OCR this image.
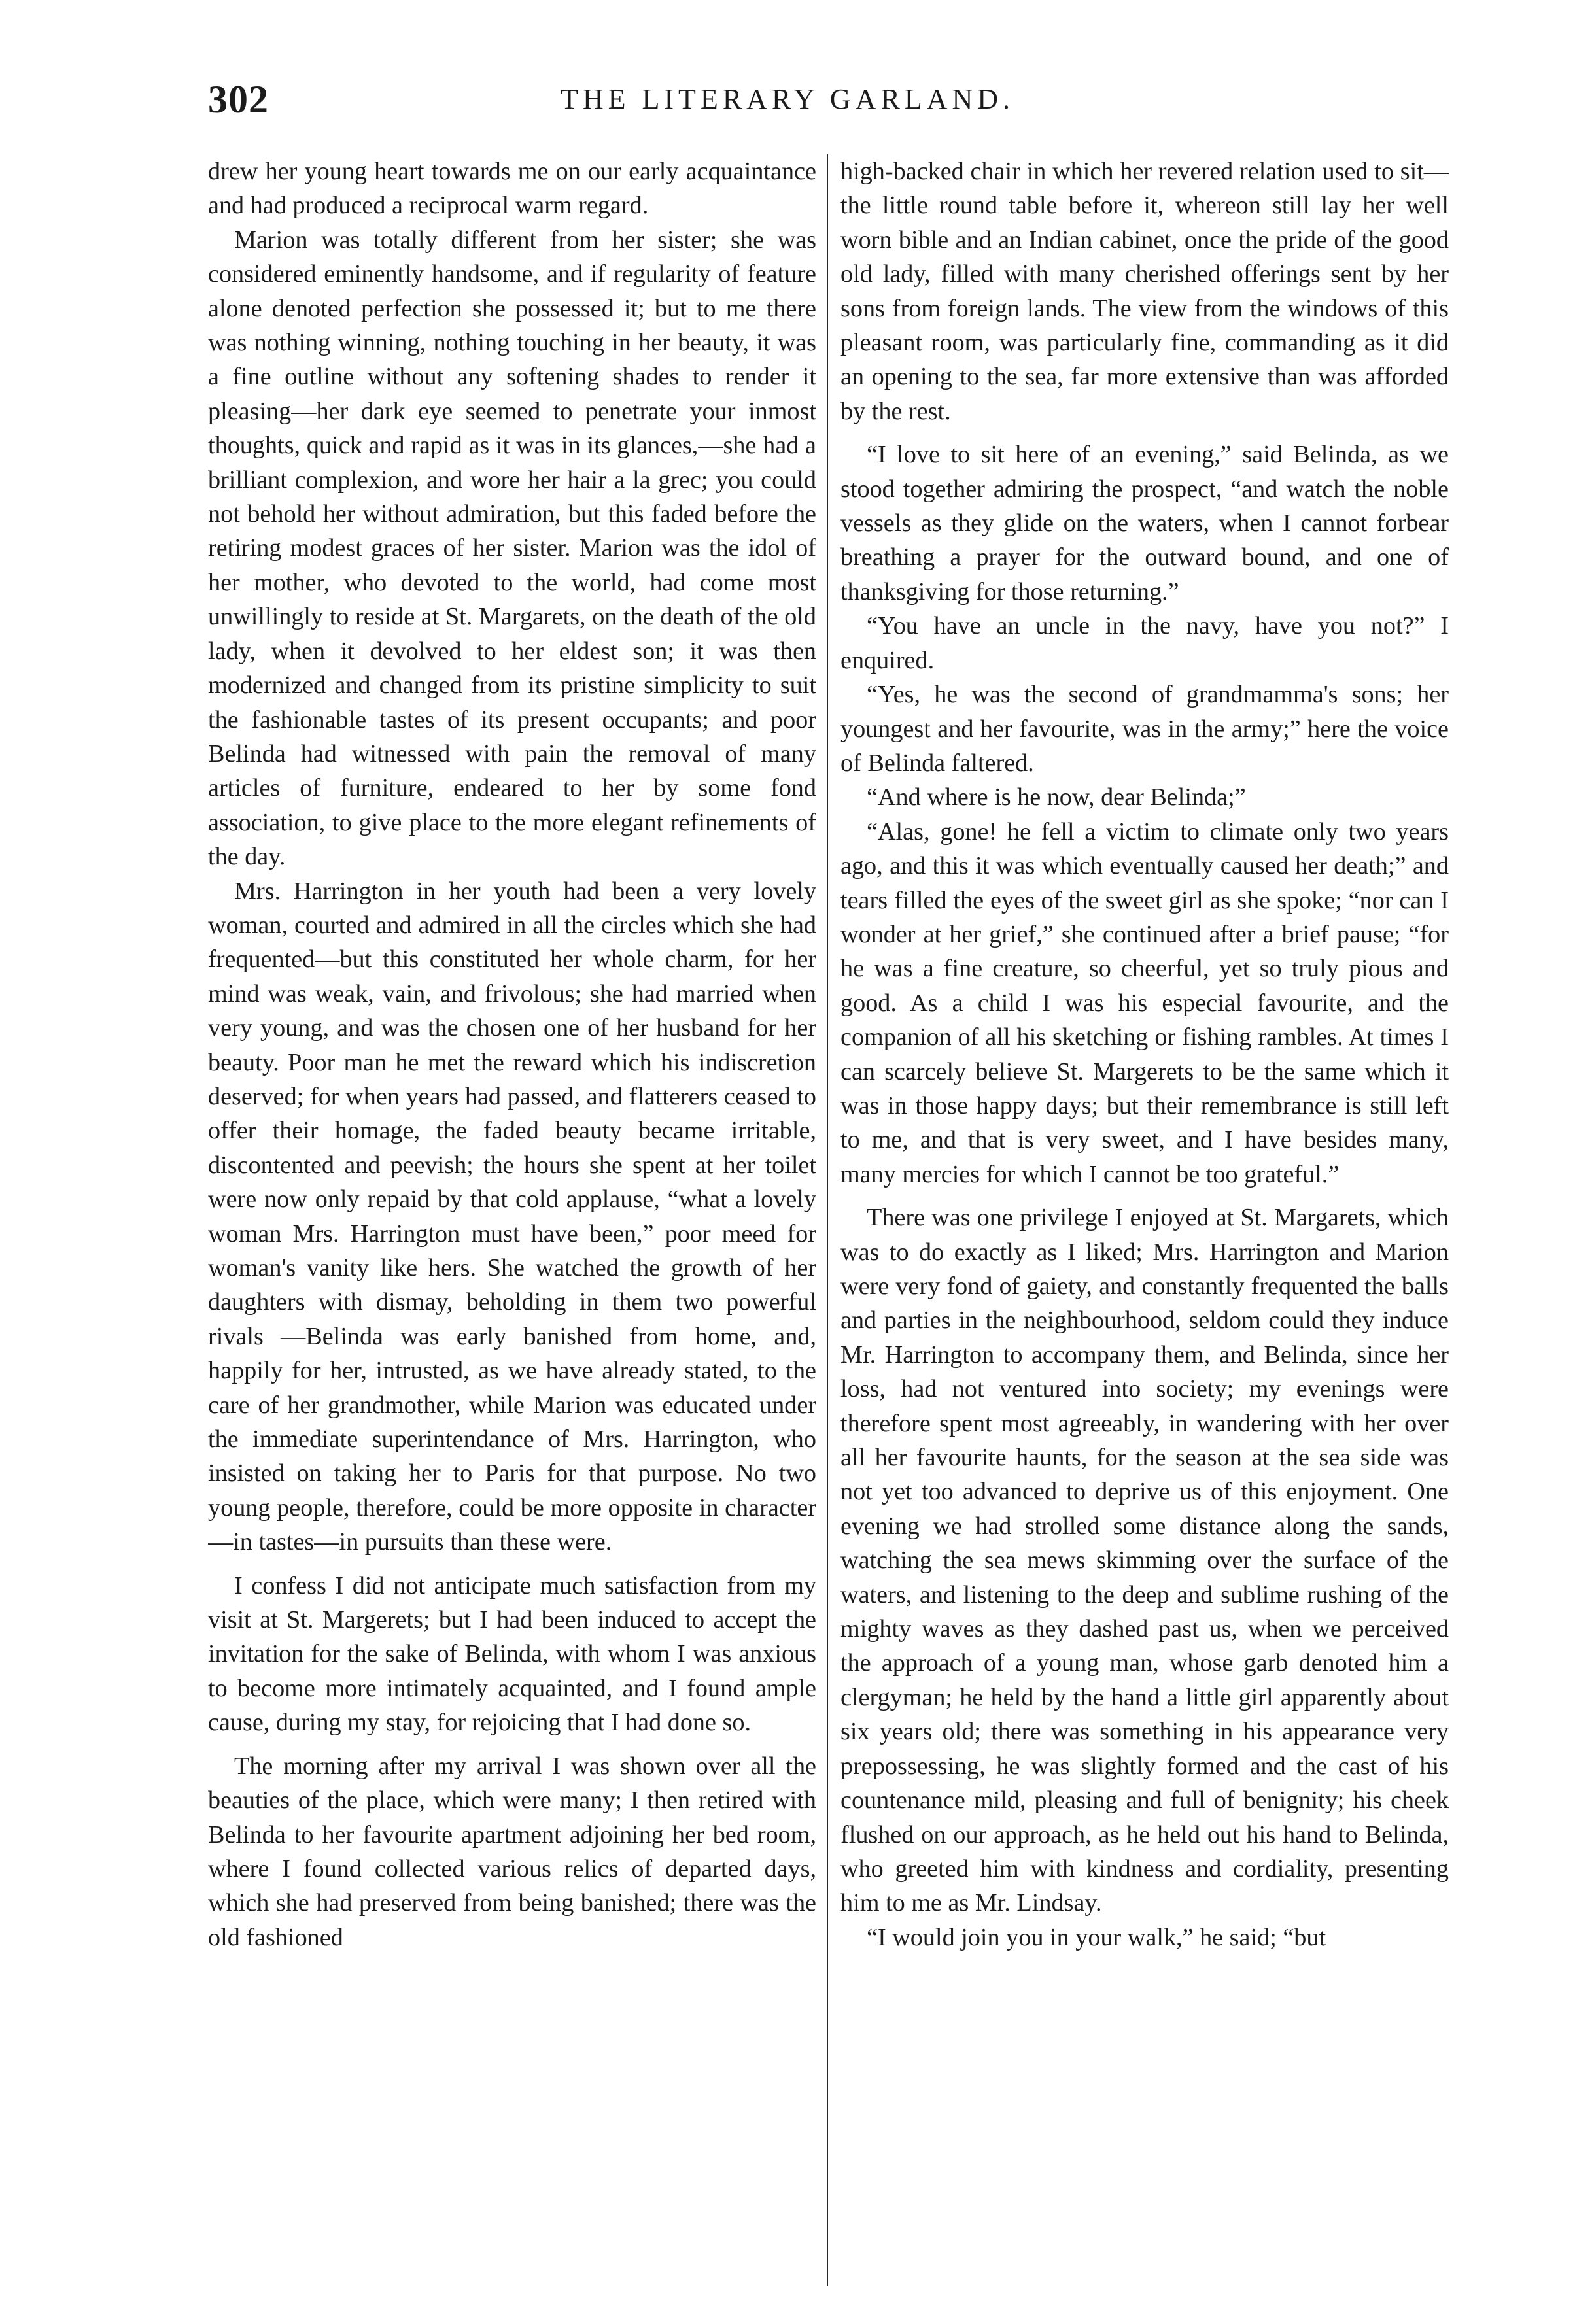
302	THE LITERARY GARLAND.

drew her young heart towards me on our early acquaintance and had produced a reciprocal warm regard.

Marion was totally different from her sister; she was considered eminently handsome, and if regularity of feature alone denoted perfection she possessed it; but to me there was nothing winning, nothing touching in her beauty, it was a fine outline without any softening shades to render it pleasing—her dark eye seemed to penetrate your inmost thoughts, quick and rapid as it was in its glances,—she had a brilliant complexion, and wore her hair a la grec; you could not behold her without admiration, but this faded before the retiring modest graces of her sister. Marion was the idol of her mother, who devoted to the world, had come most unwillingly to reside at St. Margarets, on the death of the old lady, when it devolved to her eldest son; it was then modernized and changed from its pristine simplicity to suit the fashionable tastes of its present occupants; and poor Belinda had witnessed with pain the removal of many articles of furniture, endeared to her by some fond association, to give place to the more elegant refinements of the day.

Mrs. Harrington in her youth had been a very lovely woman, courted and admired in all the circles which she had frequented—but this constituted her whole charm, for her mind was weak, vain, and frivolous; she had married when very young, and was the chosen one of her husband for her beauty. Poor man he met the reward which his indiscretion deserved; for when years had passed, and flatterers ceased to offer their homage, the faded beauty became irritable, discontented and peevish; the hours she spent at her toilet were now only repaid by that cold applause, “what a lovely woman Mrs. Harrington must have been,” poor meed for woman's vanity like hers. She watched the growth of her daughters with dismay, beholding in them two powerful rivals —Belinda was early banished from home, and, happily for her, intrusted, as we have already stated, to the care of her grandmother, while Marion was educated under the immediate superintendance of Mrs. Harrington, who insisted on taking her to Paris for that purpose. No two young people, therefore, could be more opposite in character—in tastes—in pursuits than these were.

I confess I did not anticipate much satisfaction from my visit at St. Margerets; but I had been induced to accept the invitation for the sake of Belinda, with whom I was anxious to become more intimately acquainted, and I found ample cause, during my stay, for rejoicing that I had done so.

The morning after my arrival I was shown over all the beauties of the place, which were many; I then retired with Belinda to her favourite apartment adjoining her bed room, where I found collected various relics of departed days, which she had preserved from being banished; there was the old fashioned

high-backed chair in which her revered relation used to sit—the little round table before it, whereon still lay her well worn bible and an Indian cabinet, once the pride of the good old lady, filled with many cherished offerings sent by her sons from foreign lands. The view from the windows of this pleasant room, was particularly fine, commanding as it did an opening to the sea, far more extensive than was afforded by the rest.

“I love to sit here of an evening,” said Belinda, as we stood together admiring the prospect, “and watch the noble vessels as they glide on the waters, when I cannot forbear breathing a prayer for the outward bound, and one of thanksgiving for those returning.”

“You have an uncle in the navy, have you not?” I enquired.

“Yes, he was the second of grandmamma's sons; her youngest and her favourite, was in the army;” here the voice of Belinda faltered.

“And where is he now, dear Belinda;”

“Alas, gone! he fell a victim to climate only two years ago, and this it was which eventually caused her death;” and tears filled the eyes of the sweet girl as she spoke; “nor can I wonder at her grief,” she continued after a brief pause; “for he was a fine creature, so cheerful, yet so truly pious and good. As a child I was his especial favourite, and the companion of all his sketching or fishing rambles. At times I can scarcely believe St. Margerets to be the same which it was in those happy days; but their remembrance is still left to me, and that is very sweet, and I have besides many, many mercies for which I cannot be too grateful.”

There was one privilege I enjoyed at St. Margarets, which was to do exactly as I liked; Mrs. Harrington and Marion were very fond of gaiety, and constantly frequented the balls and parties in the neighbourhood, seldom could they induce Mr. Harrington to accompany them, and Belinda, since her loss, had not ventured into society; my evenings were therefore spent most agreeably, in wandering with her over all her favourite haunts, for the season at the sea side was not yet too advanced to deprive us of this enjoyment. One evening we had strolled some distance along the sands, watching the sea mews skimming over the surface of the waters, and listening to the deep and sublime rushing of the mighty waves as they dashed past us, when we perceived the approach of a young man, whose garb denoted him a clergyman; he held by the hand a little girl apparently about six years old; there was something in his appearance very prepossessing, he was slightly formed and the cast of his countenance mild, pleasing and full of benignity; his cheek flushed on our approach, as he held out his hand to Belinda, who greeted him with kindness and cordiality, presenting him to me as Mr. Lindsay.

“I would join you in your walk,” he said; “but
